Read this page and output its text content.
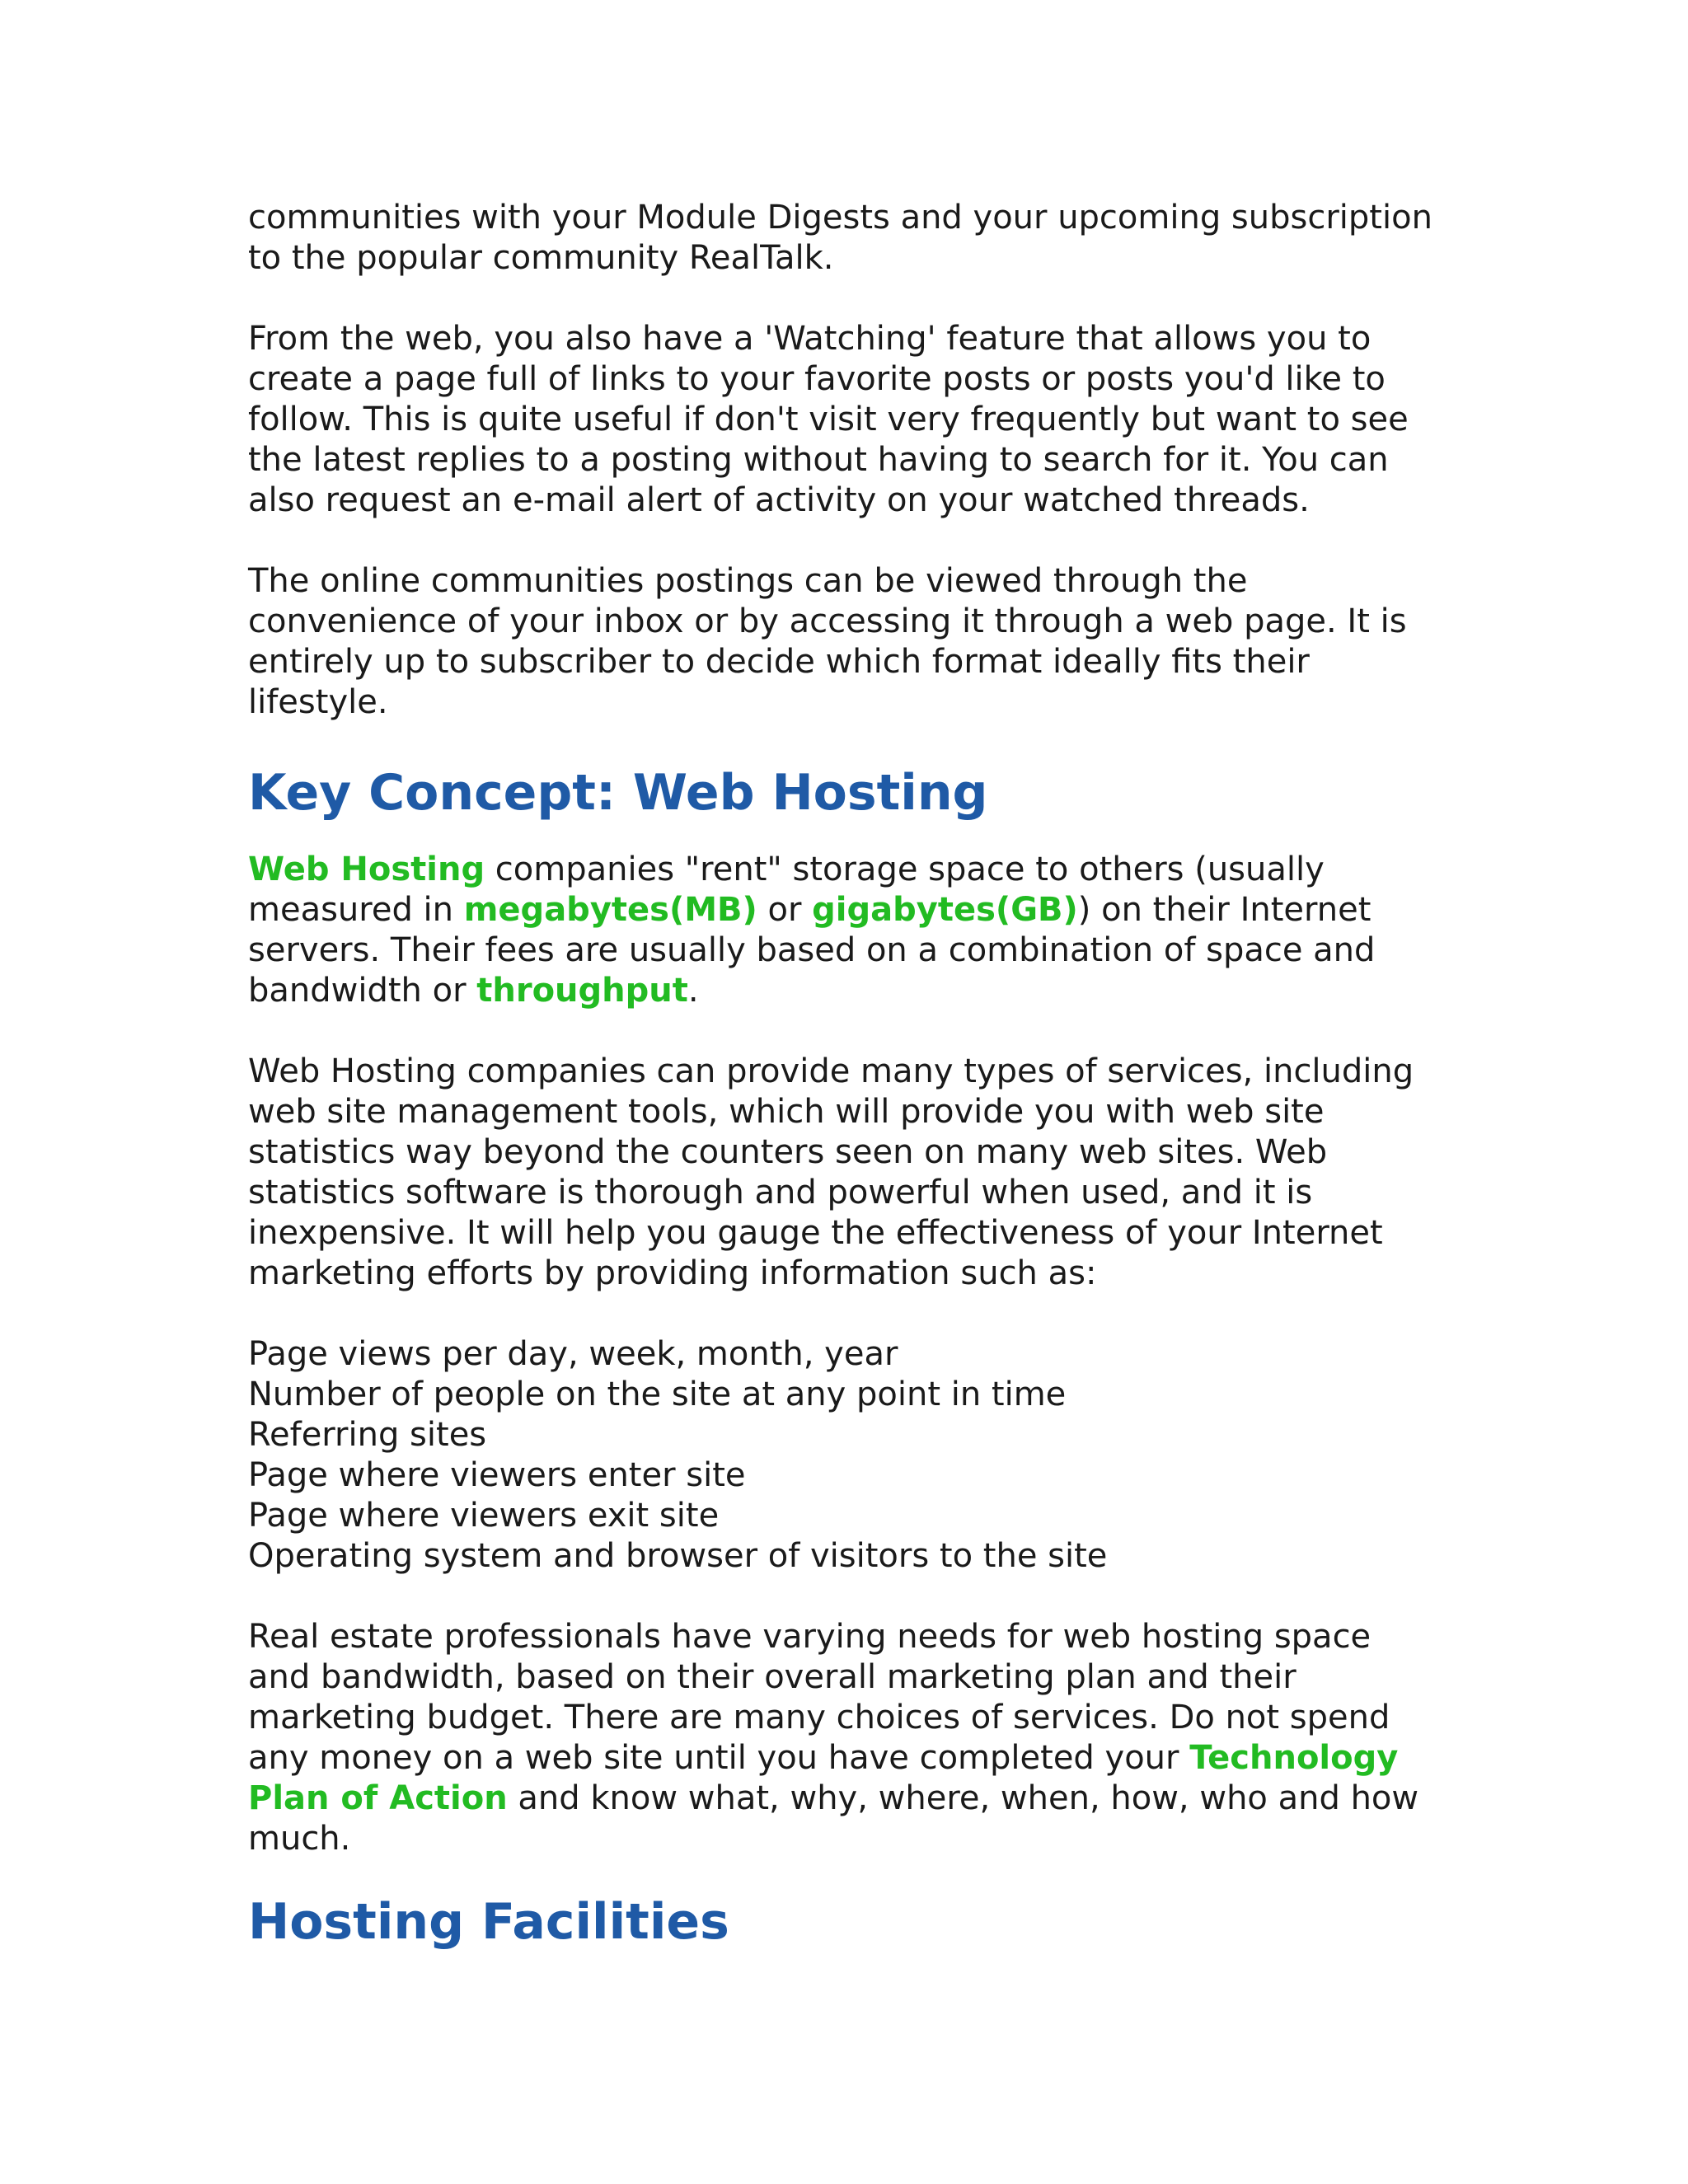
communities with your Module Digests and your upcoming subscription
to the popular community RealTalk.

From the web, you also have a 'Watching' feature that allows you to
create a page full of links to your favorite posts or posts you'd like to
follow. This is quite useful if don't visit very frequently but want to see
the latest replies to a posting without having to search for it. You can
also request an e-mail alert of activity on your watched threads.

The online communities postings can be viewed through the
convenience of your inbox or by accessing it through a web page. It is
entirely up to subscriber to decide which format ideally fits their
lifestyle.

Key Concept: Web Hosting

Web Hosting companies "rent" storage space to others (usually
measured in megabytes(MB) or gigabytes(GB)) on their Internet
servers. Their fees are usually based on a combination of space and
bandwidth or throughput.

Web Hosting companies can provide many types of services, including
web site management tools, which will provide you with web site
statistics way beyond the counters seen on many web sites. Web
statistics software is thorough and powerful when used, and it is
inexpensive. It will help you gauge the effectiveness of your Internet
marketing efforts by providing information such as:

Page views per day, week, month, year
Number of people on the site at any point in time
Referring sites
Page where viewers enter site
Page where viewers exit site
Operating system and browser of visitors to the site

Real estate professionals have varying needs for web hosting space
and bandwidth, based on their overall marketing plan and their
marketing budget. There are many choices of services. Do not spend
any money on a web site until you have completed your Technology
Plan of Action and know what, why, where, when, how, who and how
much.

Hosting Facilities
